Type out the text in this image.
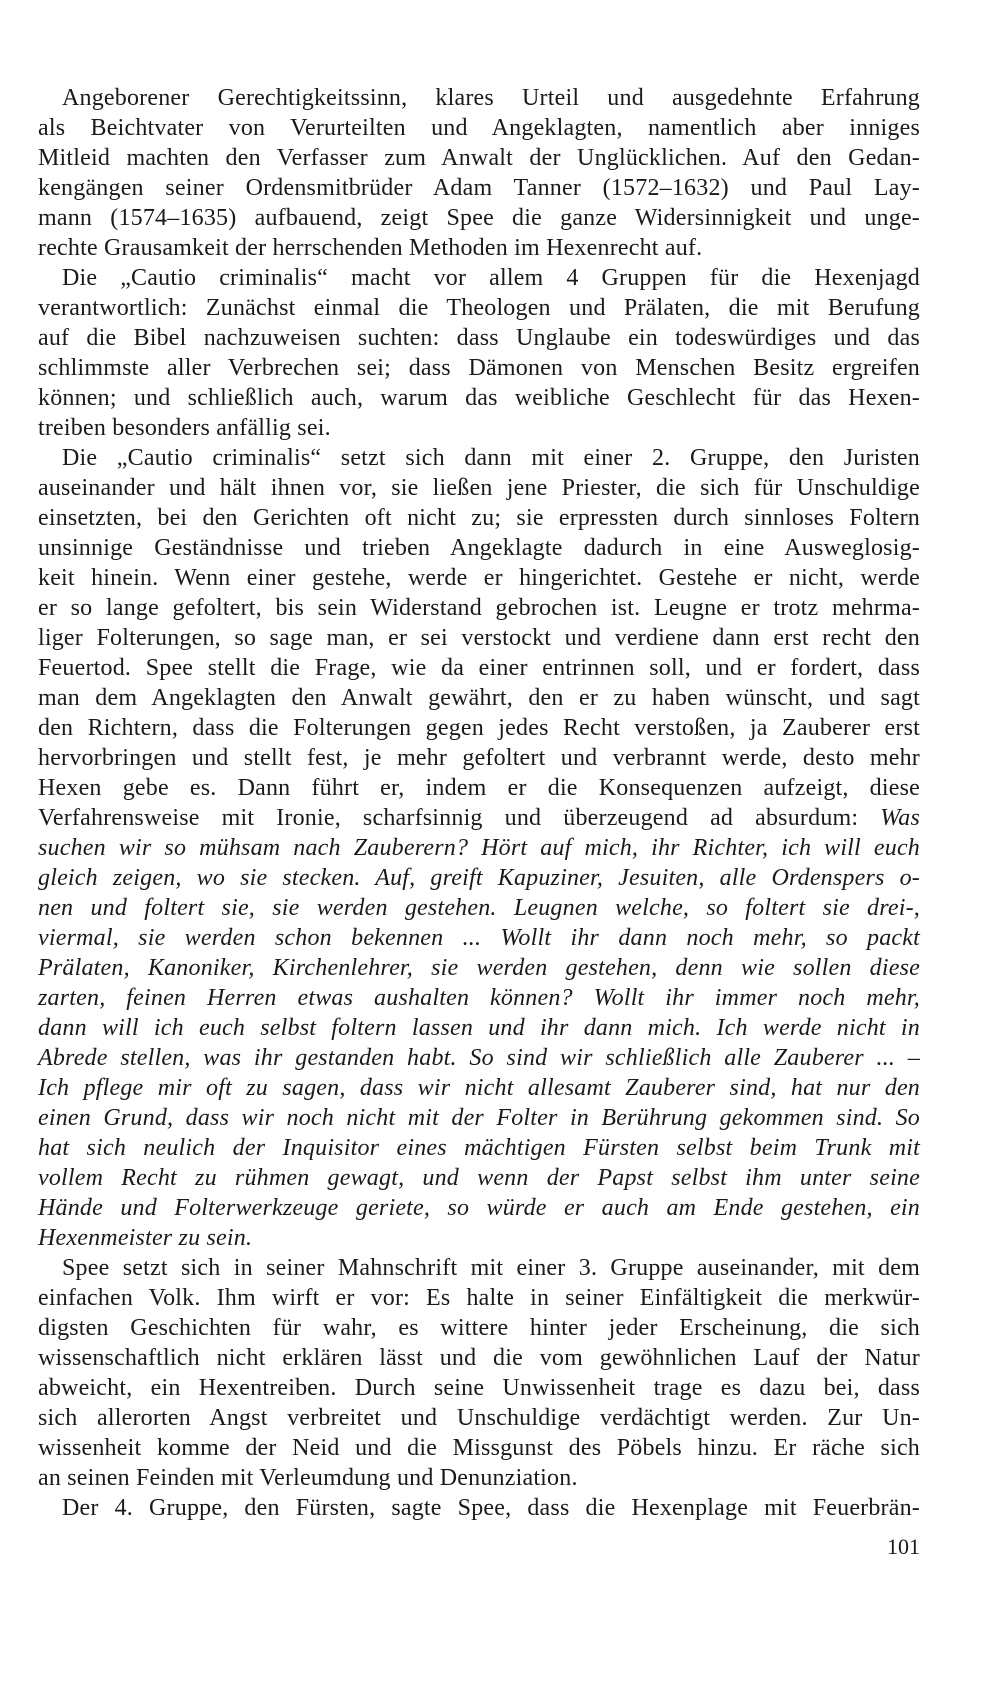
Angeborener Gerechtigkeitssinn, klares Urteil und ausgedehnte Erfahrung
als Beichtvater von Verurteilten und Angeklagten, namentlich aber inniges
Mitleid machten den Verfasser zum Anwalt der Unglücklichen. Auf den Gedan-
kengängen seiner Ordensmitbrüder Adam Tanner (1572–1632) und Paul Lay-
mann (1574–1635) aufbauend, zeigt Spee die ganze Widersinnigkeit und unge-
rechte Grausamkeit der herrschenden Methoden im Hexenrecht auf.
Die „Cautio criminalis“ macht vor allem 4 Gruppen für die Hexenjagd
verantwortlich: Zunächst einmal die Theologen und Prälaten, die mit Berufung
auf die Bibel nachzuweisen suchten: dass Unglaube ein todeswürdiges und das
schlimmste aller Verbrechen sei; dass Dämonen von Menschen Besitz ergreifen
können; und schließlich auch, warum das weibliche Geschlecht für das Hexen-
treiben besonders anfällig sei.
Die „Cautio criminalis“ setzt sich dann mit einer 2. Gruppe, den Juristen
auseinander und hält ihnen vor, sie ließen jene Priester, die sich für Unschuldige
einsetzten, bei den Gerichten oft nicht zu; sie erpressten durch sinnloses Foltern
unsinnige Geständnisse und trieben Angeklagte dadurch in eine Ausweglosig-
keit hinein. Wenn einer gestehe, werde er hingerichtet. Gestehe er nicht, werde
er so lange gefoltert, bis sein Widerstand gebrochen ist. Leugne er trotz mehrma-
liger Folterungen, so sage man, er sei verstockt und verdiene dann erst recht den
Feuertod. Spee stellt die Frage, wie da einer entrinnen soll, und er fordert, dass
man dem Angeklagten den Anwalt gewährt, den er zu haben wünscht, und sagt
den Richtern, dass die Folterungen gegen jedes Recht verstoßen, ja Zauberer erst
hervorbringen und stellt fest, je mehr gefoltert und verbrannt werde, desto mehr
Hexen gebe es. Dann führt er, indem er die Konsequenzen aufzeigt, diese
Verfahrensweise mit Ironie, scharfsinnig und überzeugend ad absurdum: Was
suchen wir so mühsam nach Zauberern? Hört auf mich, ihr Richter, ich will euch
gleich zeigen, wo sie stecken. Auf, greift Kapuziner, Jesuiten, alle Ordenspers o-
nen und foltert sie, sie werden gestehen. Leugnen welche, so foltert sie drei-,
viermal, sie werden schon bekennen ... Wollt ihr dann noch mehr, so packt
Prälaten, Kanoniker, Kirchenlehrer, sie werden gestehen, denn wie sollen diese
zarten, feinen Herren etwas aushalten können? Wollt ihr immer noch mehr,
dann will ich euch selbst foltern lassen und ihr dann mich. Ich werde nicht in
Abrede stellen, was ihr gestanden habt. So sind wir schließlich alle Zauberer ... –
Ich pflege mir oft zu sagen, dass wir nicht allesamt Zauberer sind, hat nur den
einen Grund, dass wir noch nicht mit der Folter in Berührung gekommen sind. So
hat sich neulich der Inquisitor eines mächtigen Fürsten selbst beim Trunk mit
vollem Recht zu rühmen gewagt, und wenn der Papst selbst ihm unter seine
Hände und Folterwerkzeuge geriete, so würde er auch am Ende gestehen, ein
Hexenmeister zu sein.
Spee setzt sich in seiner Mahnschrift mit einer 3. Gruppe auseinander, mit dem
einfachen Volk. Ihm wirft er vor: Es halte in seiner Einfältigkeit die merkwür-
digsten Geschichten für wahr, es wittere hinter jeder Erscheinung, die sich
wissenschaftlich nicht erklären lässt und die vom gewöhnlichen Lauf der Natur
abweicht, ein Hexentreiben. Durch seine Unwissenheit trage es dazu bei, dass
sich allerorten Angst verbreitet und Unschuldige verdächtigt werden. Zur Un-
wissenheit komme der Neid und die Missgunst des Pöbels hinzu. Er räche sich
an seinen Feinden mit Verleumdung und Denunziation.
Der 4. Gruppe, den Fürsten, sagte Spee, dass die Hexenplage mit Feuerbrän-
101
